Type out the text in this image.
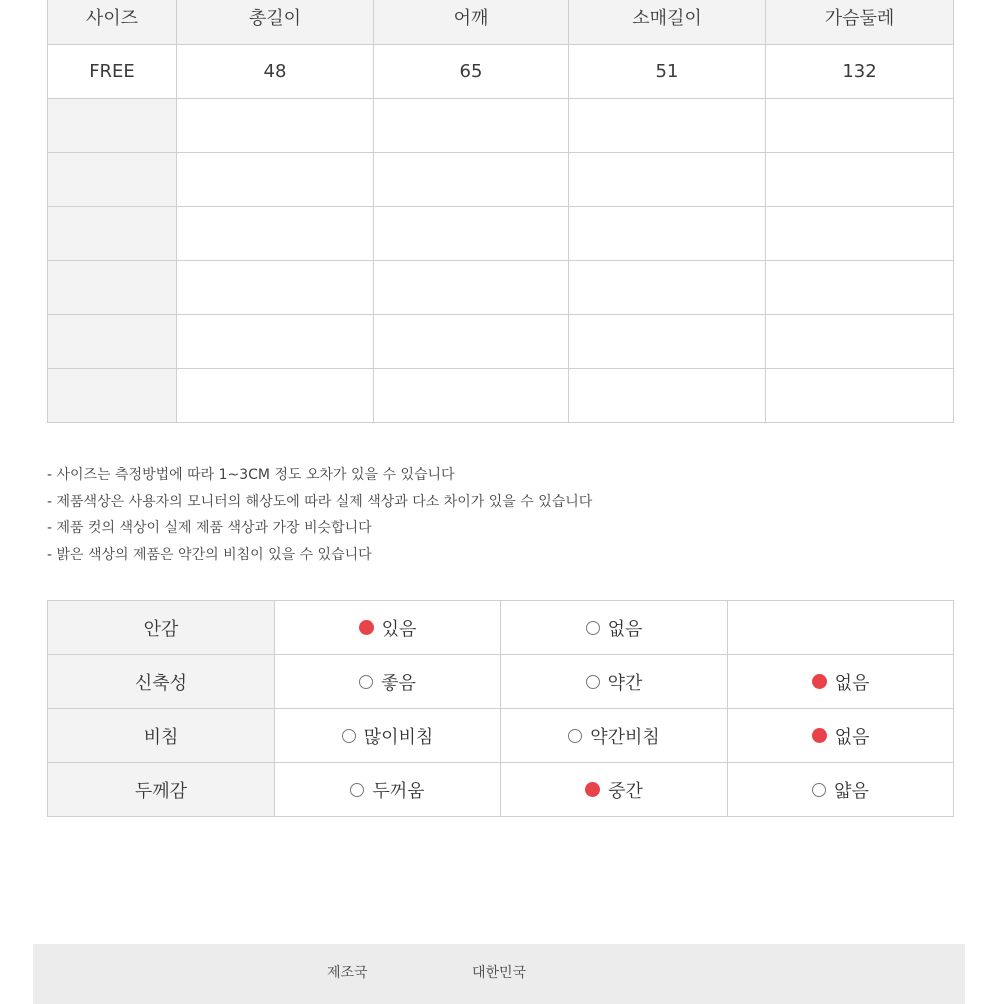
사이즈	총길이	어깨	소매길이	가슴둘레
FREE	48	65	51	132

- 사이즈는 측정방법에 따라 1~3CM 정도 오차가 있을 수 있습니다
- 제품색상은 사용자의 모니터의 해상도에 따라 실제 색상과 다소 차이가 있을 수 있습니다
- 제품 컷의 색상이 실제 제품 색상과 가장 비슷합니다
- 밝은 색상의 제품은 약간의 비침이 있을 수 있습니다
안감	있음	없음	

신축성	좋음	약간	없음

비침	많이비침	약간비침	없음

두께감	두꺼움	중간	얇음
제조국	대한민국
